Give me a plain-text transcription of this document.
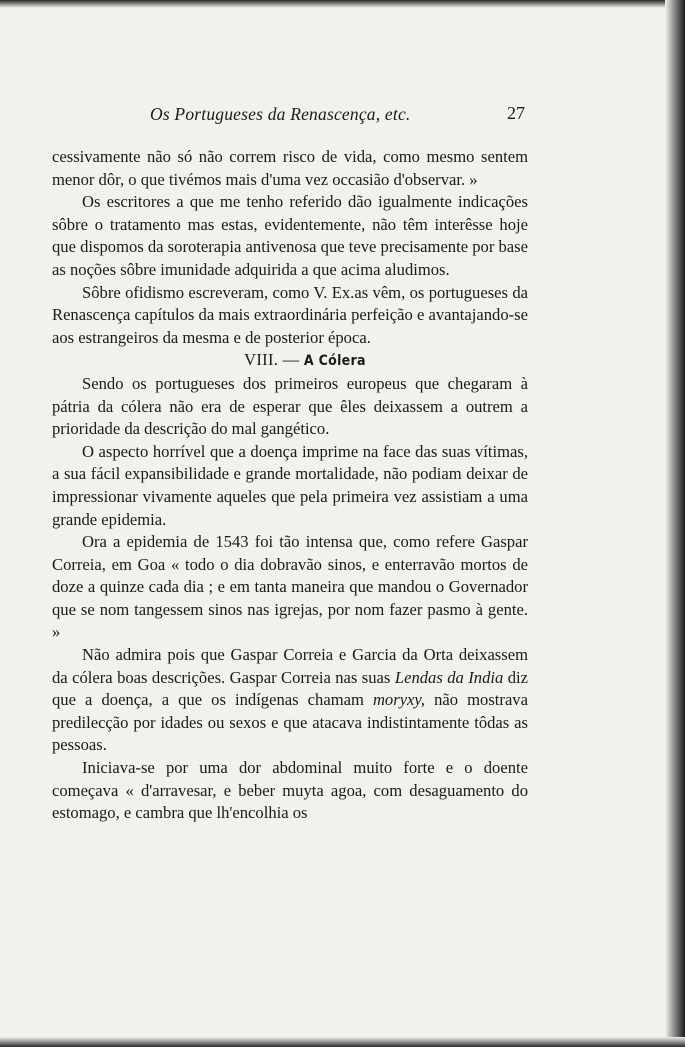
Os Portugueses da Renascença, etc.	27

cessivamente não só não correm risco de vida, como mesmo sentem menor dôr, o que tivémos mais d'uma vez occasião d'observar. »

Os escritores a que me tenho referido dão igualmente indicações sôbre o tratamento mas estas, evidentemente, não têm interêsse hoje que dispomos da soroterapia antivenosa que teve precisamente por base as noções sôbre imunidade adquirida a que acima aludimos.

Sôbre ofidismo escreveram, como V. Ex.as vêm, os portugueses da Renascença capítulos da mais extraordinária perfeição e avantajando-se aos estrangeiros da mesma e de posterior época.

VIII. — A Cólera

Sendo os portugueses dos primeiros europeus que chegaram à pátria da cólera não era de esperar que êles deixassem a outrem a prioridade da descrição do mal gangético.

O aspecto horrível que a doença imprime na face das suas vítimas, a sua fácil expansibilidade e grande mortalidade, não podiam deixar de impressionar vivamente aqueles que pela primeira vez assistiam a uma grande epidemia.

Ora a epidemia de 1543 foi tão intensa que, como refere Gaspar Correia, em Goa « todo o dia dobravão sinos, e enterravão mortos de doze a quinze cada dia ; e em tanta maneira que mandou o Governador que se nom tangessem sinos nas igrejas, por nom fazer pasmo à gente. »

Não admira pois que Gaspar Correia e Garcia da Orta deixassem da cólera boas descrições. Gaspar Correia nas suas Lendas da India diz que a doença, a que os indígenas chamam moryxy, não mostrava predilecção por idades ou sexos e que atacava indistintamente tôdas as pessoas.

Iniciava-se por uma dor abdominal muito forte e o doente começava « d'arravesar, e beber muyta agoa, com desaguamento do estomago, e cambra que lh'encolhia os
